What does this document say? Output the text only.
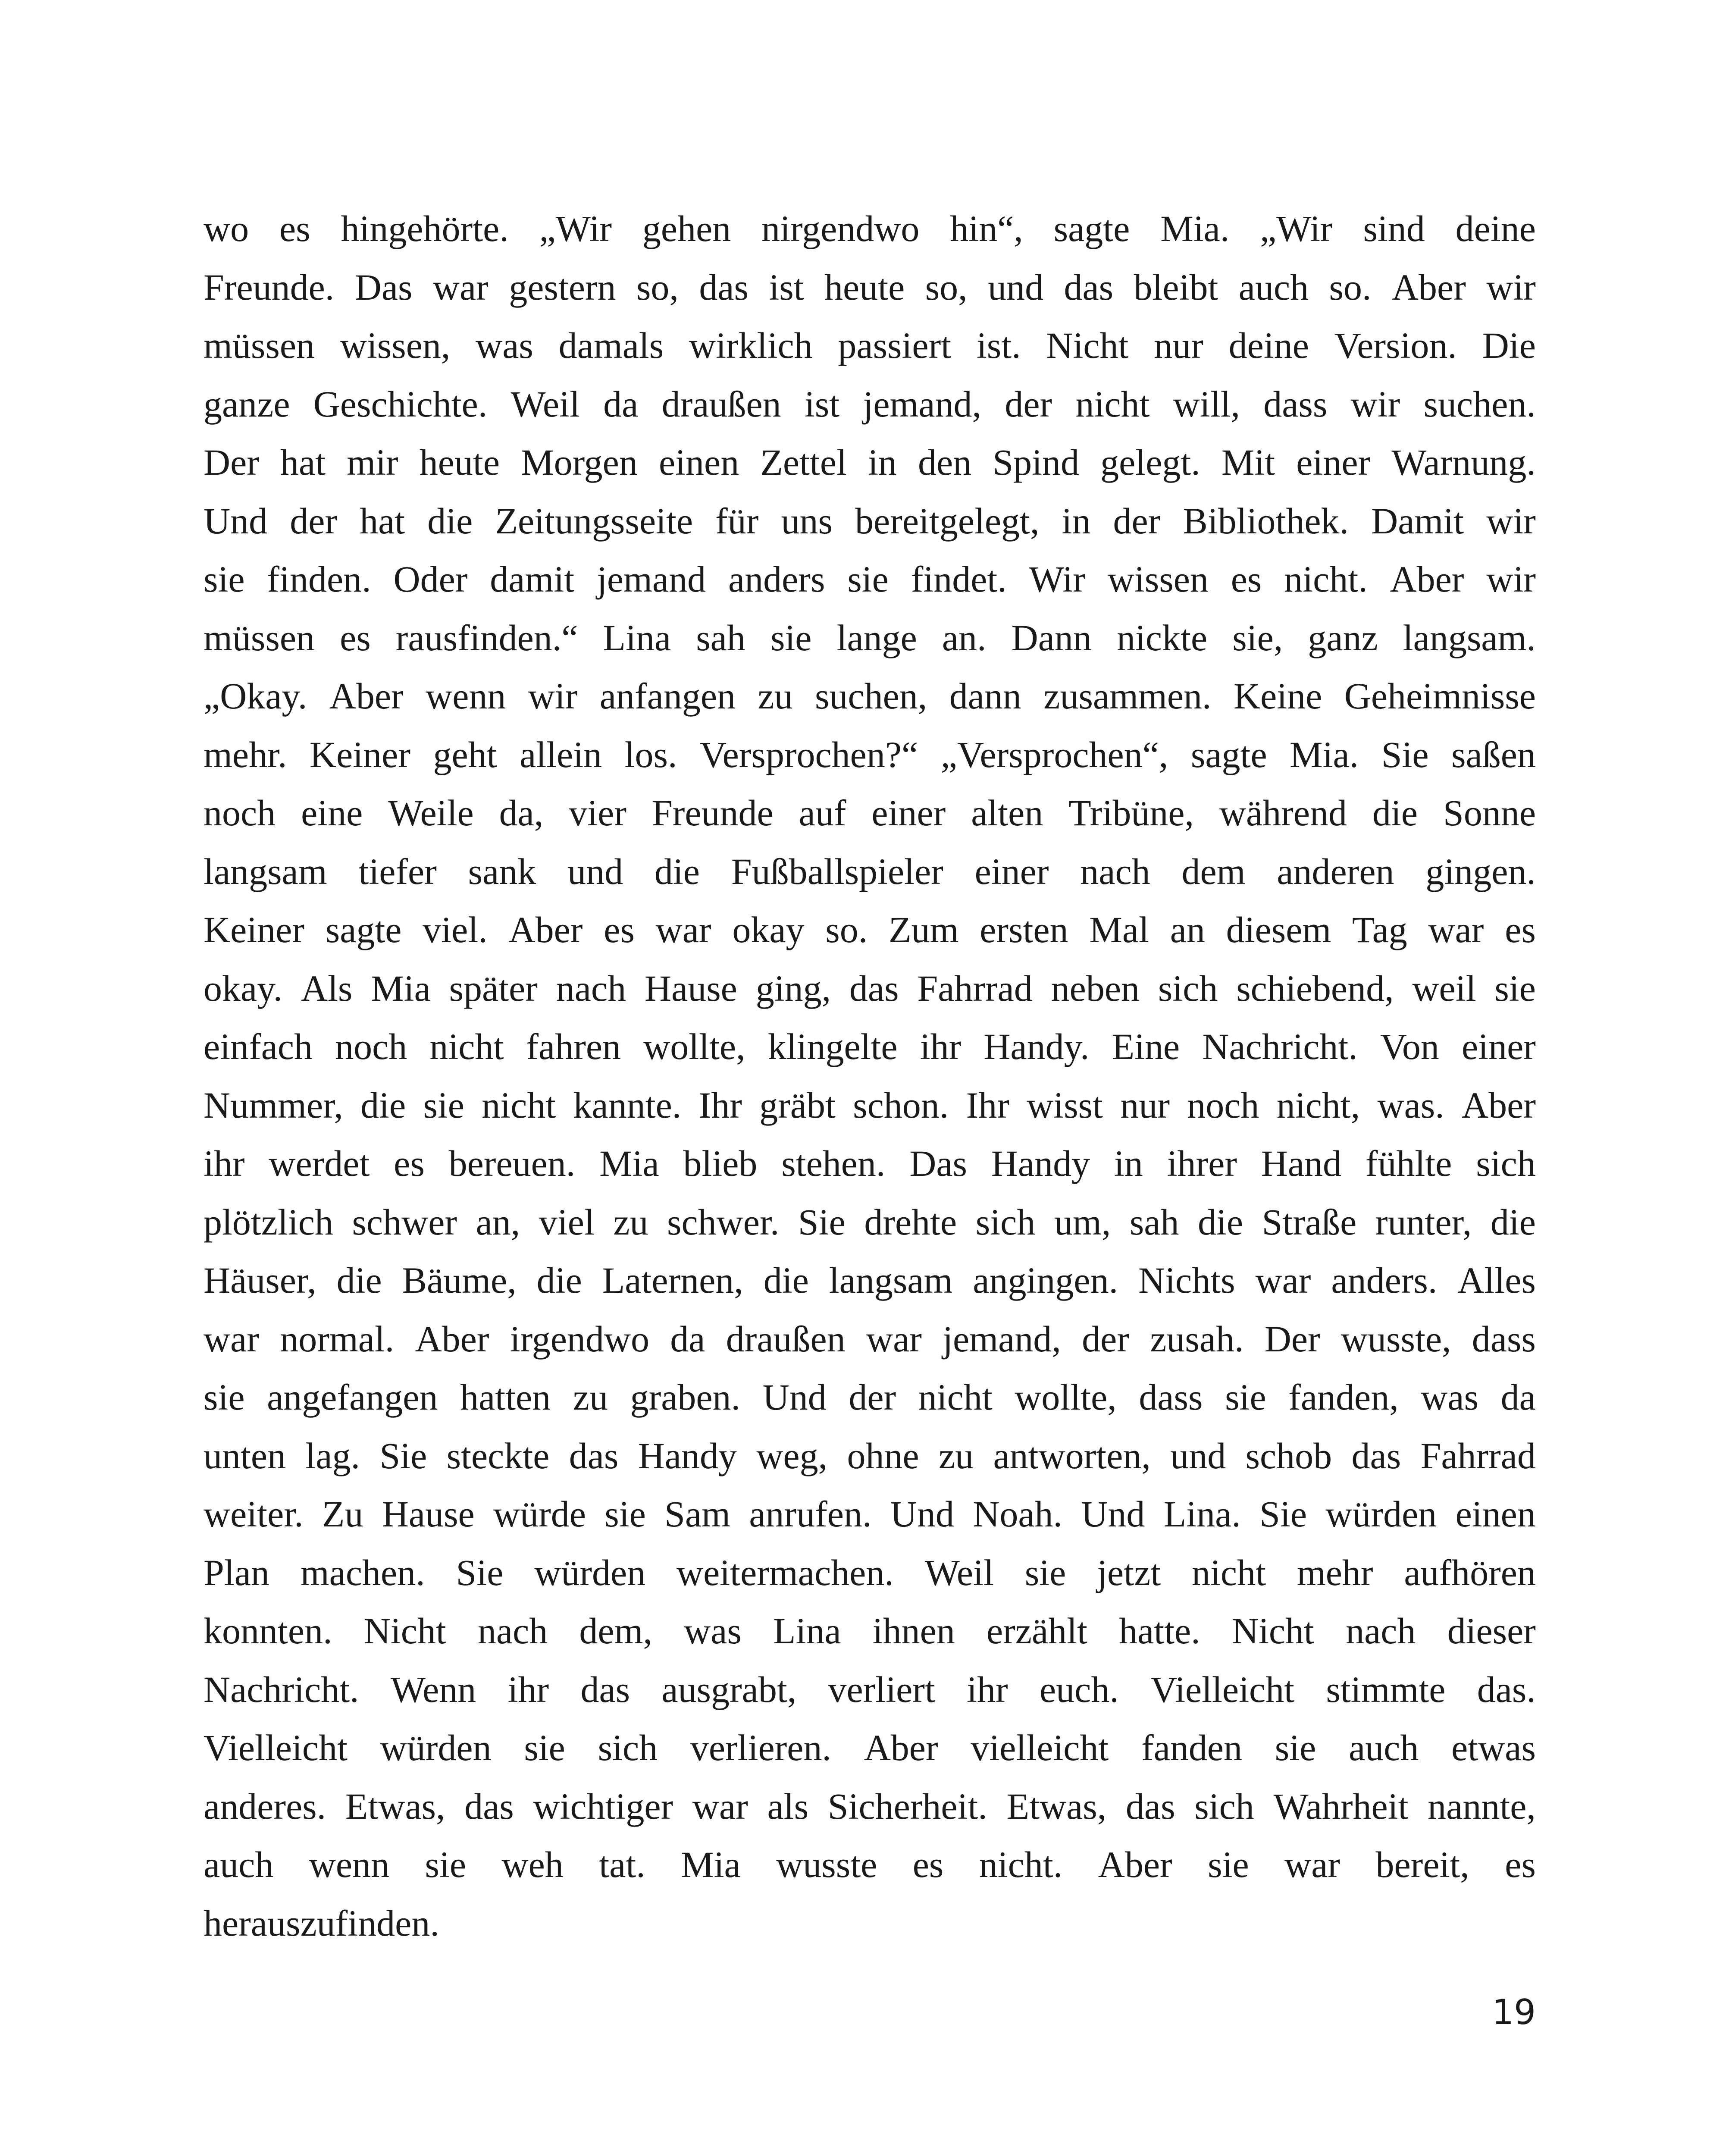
wo es hingehörte. „Wir gehen nirgendwo hin“, sagte Mia. „Wir sind deine
Freunde. Das war gestern so, das ist heute so, und das bleibt auch so. Aber wir
müssen wissen, was damals wirklich passiert ist. Nicht nur deine Version. Die
ganze Geschichte. Weil da draußen ist jemand, der nicht will, dass wir suchen.
Der hat mir heute Morgen einen Zettel in den Spind gelegt. Mit einer Warnung.
Und der hat die Zeitungsseite für uns bereitgelegt, in der Bibliothek. Damit wir
sie finden. Oder damit jemand anders sie findet. Wir wissen es nicht. Aber wir
müssen es rausfinden.“ Lina sah sie lange an. Dann nickte sie, ganz langsam.
„Okay. Aber wenn wir anfangen zu suchen, dann zusammen. Keine Geheimnisse
mehr. Keiner geht allein los. Versprochen?“ „Versprochen“, sagte Mia. Sie saßen
noch eine Weile da, vier Freunde auf einer alten Tribüne, während die Sonne
langsam tiefer sank und die Fußballspieler einer nach dem anderen gingen.
Keiner sagte viel. Aber es war okay so. Zum ersten Mal an diesem Tag war es
okay. Als Mia später nach Hause ging, das Fahrrad neben sich schiebend, weil sie
einfach noch nicht fahren wollte, klingelte ihr Handy. Eine Nachricht. Von einer
Nummer, die sie nicht kannte. Ihr gräbt schon. Ihr wisst nur noch nicht, was. Aber
ihr werdet es bereuen. Mia blieb stehen. Das Handy in ihrer Hand fühlte sich
plötzlich schwer an, viel zu schwer. Sie drehte sich um, sah die Straße runter, die
Häuser, die Bäume, die Laternen, die langsam angingen. Nichts war anders. Alles
war normal. Aber irgendwo da draußen war jemand, der zusah. Der wusste, dass
sie angefangen hatten zu graben. Und der nicht wollte, dass sie fanden, was da
unten lag. Sie steckte das Handy weg, ohne zu antworten, und schob das Fahrrad
weiter. Zu Hause würde sie Sam anrufen. Und Noah. Und Lina. Sie würden einen
Plan machen. Sie würden weitermachen. Weil sie jetzt nicht mehr aufhören
konnten. Nicht nach dem, was Lina ihnen erzählt hatte. Nicht nach dieser
Nachricht. Wenn ihr das ausgrabt, verliert ihr euch. Vielleicht stimmte das.
Vielleicht würden sie sich verlieren. Aber vielleicht fanden sie auch etwas
anderes. Etwas, das wichtiger war als Sicherheit. Etwas, das sich Wahrheit nannte,
auch wenn sie weh tat. Mia wusste es nicht. Aber sie war bereit, es
herauszufinden.
19
